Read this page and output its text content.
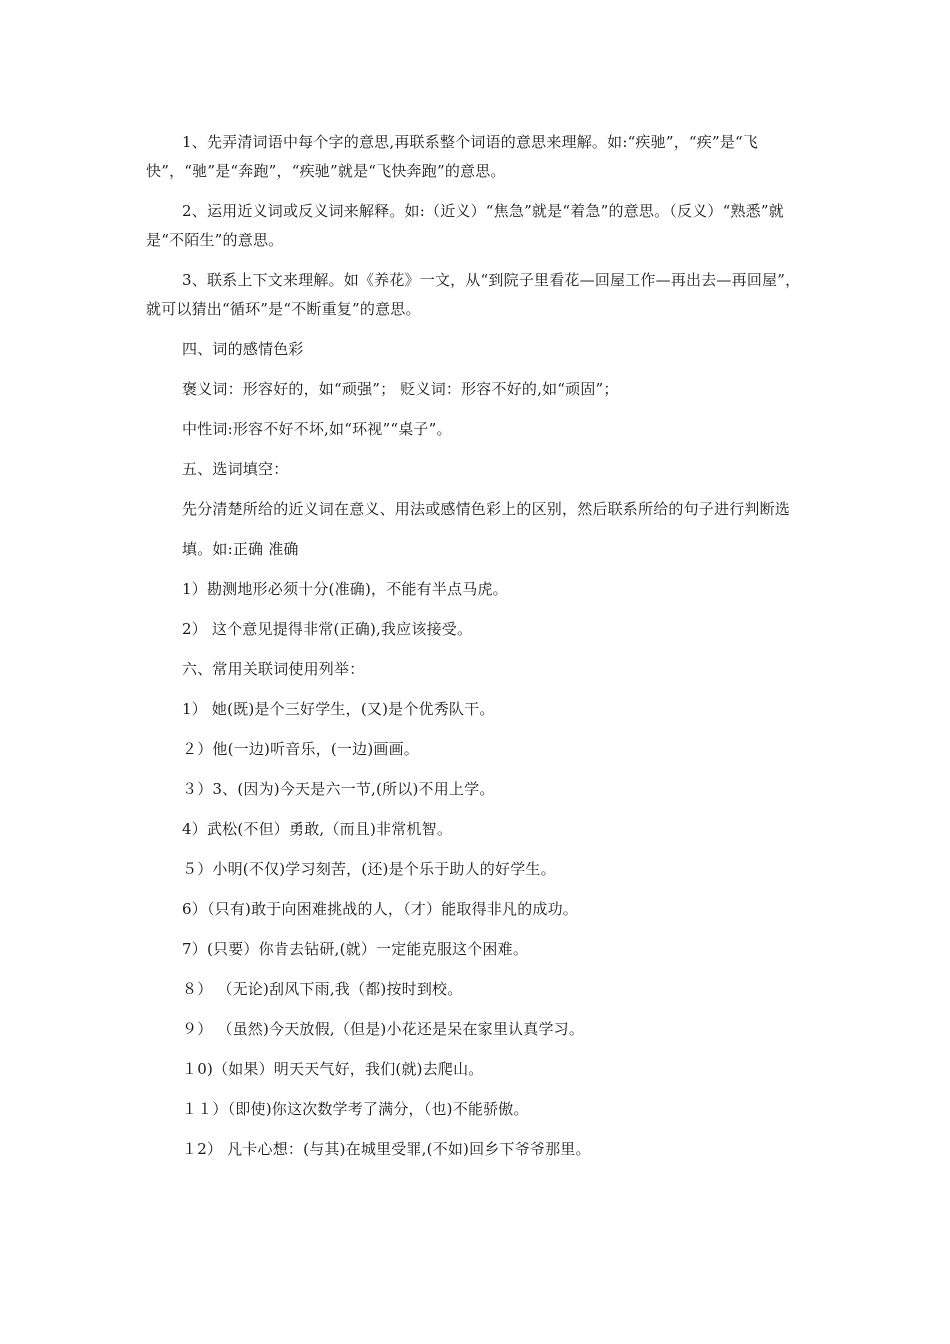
1、先弄清词语中每个字的意思,再联系整个词语的意思来理解。如:“疾驰”，“疾”是“飞快”，“驰”是“奔跑”，“疾驰”就是“飞快奔跑”的意思。

2、运用近义词或反义词来解释。如:（近义）“焦急”就是“着急”的意思。（反义）“熟悉”就是“不陌生”的意思。

3、联系上下文来理解。如《养花》一文，从“到院子里看花—回屋工作—再出去—再回屋”，就可以猜出“循环”是“不断重复”的意思。

四、词的感情色彩

褒义词：形容好的，如“顽强”； 贬义词：形容不好的,如“顽固”；

中性词:形容不好不坏,如“环视”“桌子”。

五、选词填空：

先分清楚所给的近义词在意义、用法或感情色彩上的区别，然后联系所给的句子进行判断选

填。如:正确 准确

1）勘测地形必须十分(准确)，不能有半点马虎。

2） 这个意见提得非常(正确),我应该接受。

六、常用关联词使用列举：

1） 她(既)是个三好学生，(又)是个优秀队干。

２）他(一边)听音乐，(一边)画画。

３）3、(因为)今天是六一节,(所以)不用上学。

4）武松(不但）勇敢,（而且)非常机智。

５）小明(不仅)学习刻苦，(还)是个乐于助人的好学生。

6）（只有)敢于向困难挑战的人，（才）能取得非凡的成功。

7）(只要）你肯去钻研,(就）一定能克服这个困难。

８） （无论)刮风下雨,我（都)按时到校。

９） （虽然)今天放假,（但是)小花还是呆在家里认真学习。

１0)（如果）明天天气好，我们(就)去爬山。

１１）（即使)你这次数学考了满分，（也)不能骄傲。

１2） 凡卡心想：(与其)在城里受罪,(不如)回乡下爷爷那里。
